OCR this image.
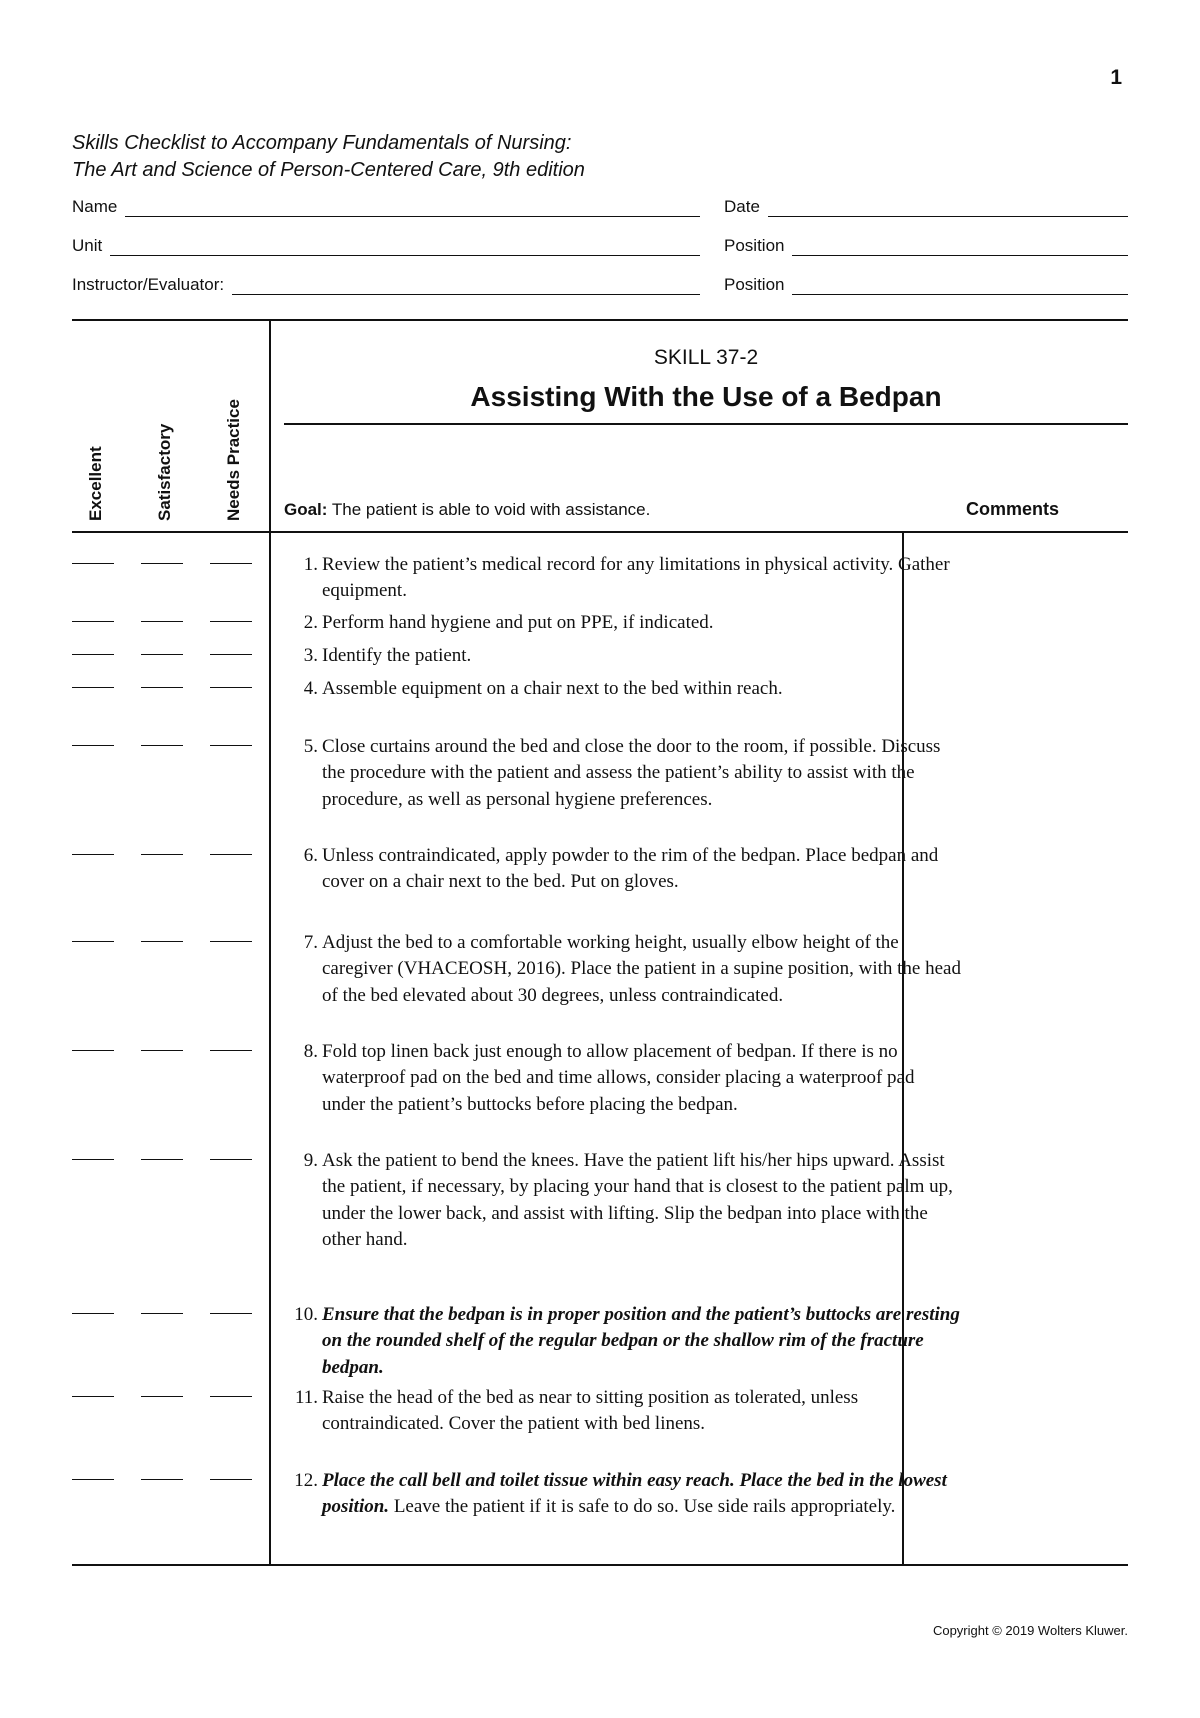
1
Skills Checklist to Accompany Fundamentals of Nursing:
The Art and Science of Person-Centered Care, 9th edition
Name	Date
Unit	Position
Instructor/Evaluator:	Position
Excellent	Satisfactory	Needs Practice
SKILL 37-2
Assisting With the Use of a Bedpan
Goal: The patient is able to void with assistance.	Comments
1. Review the patient’s medical record for any limitations in physical activity. Gather equipment.
2. Perform hand hygiene and put on PPE, if indicated.
3. Identify the patient.
4. Assemble equipment on a chair next to the bed within reach.
5. Close curtains around the bed and close the door to the room, if possible. Discuss the procedure with the patient and assess the patient’s ability to assist with the procedure, as well as personal hygiene preferences.
6. Unless contraindicated, apply powder to the rim of the bedpan. Place bedpan and cover on a chair next to the bed. Put on gloves.
7. Adjust the bed to a comfortable working height, usually elbow height of the caregiver (VHACEOSH, 2016). Place the patient in a supine position, with the head of the bed elevated about 30 degrees, unless contraindicated.
8. Fold top linen back just enough to allow placement of bedpan. If there is no waterproof pad on the bed and time allows, consider placing a waterproof pad under the patient’s buttocks before placing the bedpan.
9. Ask the patient to bend the knees. Have the patient lift his/her hips upward. Assist the patient, if necessary, by placing your hand that is closest to the patient palm up, under the lower back, and assist with lifting. Slip the bedpan into place with the other hand.
10. Ensure that the bedpan is in proper position and the patient’s buttocks are resting on the rounded shelf of the regular bedpan or the shallow rim of the fracture bedpan.
11. Raise the head of the bed as near to sitting position as tolerated, unless contraindicated. Cover the patient with bed linens.
12. Place the call bell and toilet tissue within easy reach. Place the bed in the lowest position. Leave the patient if it is safe to do so. Use side rails appropriately.
Copyright © 2019 Wolters Kluwer.
